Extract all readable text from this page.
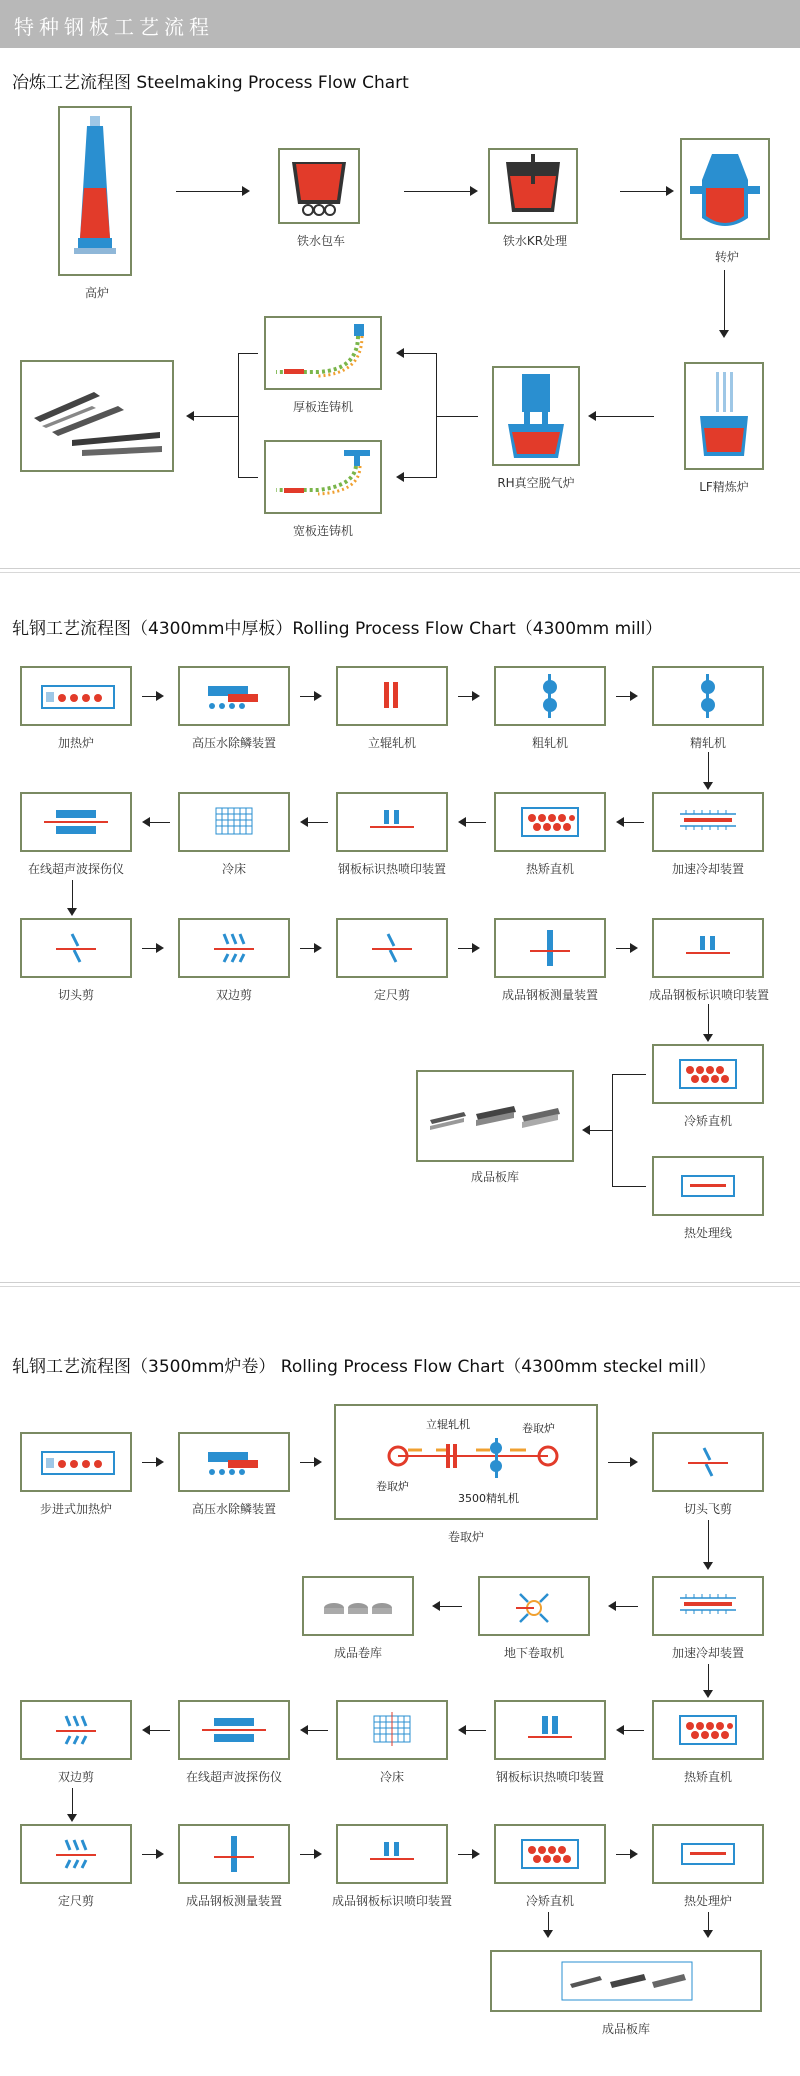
特种钢板工艺流程
冶炼工艺流程图 Steelmaking Process Flow Chart
高炉
铁水包车	铁水KR处理
转炉
LF精炼炉
RH真空脱气炉
厚板连铸机
宽板连铸机
轧钢工艺流程图（4300mm中厚板）Rolling Process Flow Chart（4300mm mill）
加热炉	高压水除鳞装置	立辊轧机	粗轧机	精轧机
在线超声波探伤仪	冷床	钢板标识热喷印装置	热矫直机	加速冷却装置
切头剪	双边剪	定尺剪	成品钢板测量装置	成品钢板标识喷印装置
冷矫直机
成品板库
热处理线
轧钢工艺流程图（3500mm炉卷） Rolling Process Flow Chart（4300mm steckel mill）
步进式加热炉	高压水除鳞装置
立辊轧机	卷取炉
卷取炉
3500精轧机
卷取炉
切头飞剪
成品卷库	地下卷取机	加速冷却装置
双边剪	在线超声波探伤仪	冷床	钢板标识热喷印装置	热矫直机
定尺剪	成品钢板测量装置	成品钢板标识喷印装置	冷矫直机	热处理炉
成品板库
